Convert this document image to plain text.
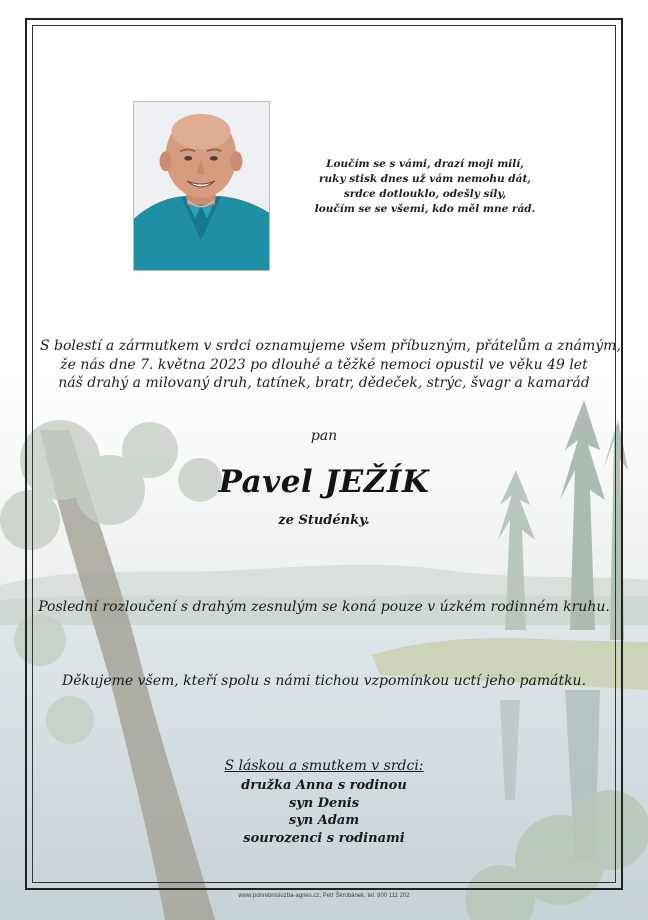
Loučím se s vámi, drazí moji milí,
ruky stisk dnes už vám nemohu dát,
srdce dotlouklo, odešly síly,
loučím se se všemi, kdo měl mne rád.
S bolestí a zármutkem v srdci oznamujeme všem příbuzným, přátelům a známým,
že nás dne 7. května 2023 po dlouhé a těžké nemoci opustil ve věku 49 let
náš drahý a milovaný druh, tatínek, bratr, dědeček, strýc, švagr a kamarád
pan
Pavel JEŽÍK
ze Studénky.
Poslední rozloučení s drahým zesnulým se koná pouze v úzkém rodinném kruhu.
Děkujeme všem, kteří spolu s námi tichou vzpomínkou uctí jeho památku.
S láskou a smutkem v srdci:
družka Anna s rodinou
syn Denis
syn Adam
sourozenci s rodinami
www.pohrebnisluzba-agnes.cz, Petr Škrobánek, tel. 800 111 202
